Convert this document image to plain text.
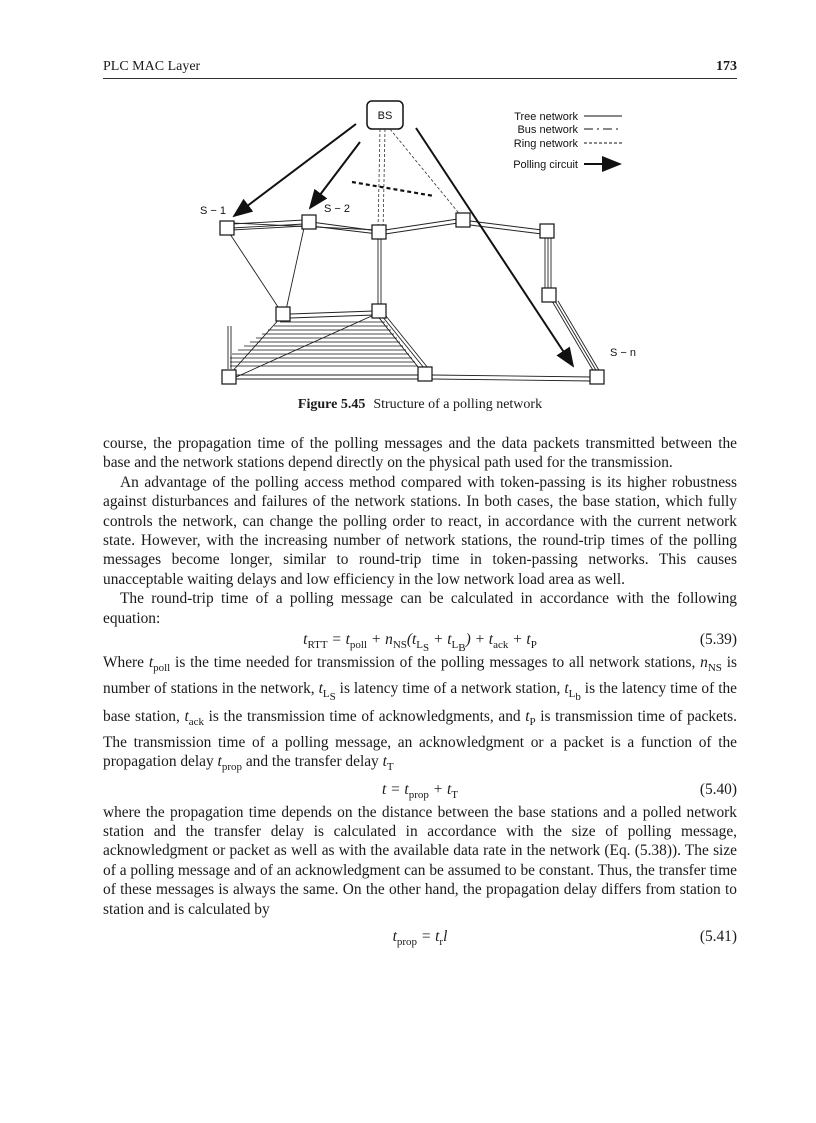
PLC MAC Layer	173
BS
S − 1	S − 2
S − n
Tree network
Bus network
Ring network
Polling circuit
Figure 5.45 Structure of a polling network

course, the propagation time of the polling messages and the data packets transmitted between the base and the network stations depend directly on the physical path used for the transmission.

An advantage of the polling access method compared with token-passing is its higher robustness against disturbances and failures of the network stations. In both cases, the base station, which fully controls the network, can change the polling order to react, in accordance with the current network state. However, with the increasing number of network stations, the round-trip times of the polling messages become longer, similar to round-trip time in token-passing networks. This causes unacceptable waiting delays and low efficiency in the low network load area as well.

The round-trip time of a polling message can be calculated in accordance with the following equation:

$t_{RTT} = t_{poll} + n_{NS}(t_{L_S} + t_{L_B}) + t_{ack} + t_P$	(5.39)

Where $t_{poll}$ is the time needed for transmission of the polling messages to all network stations, $n_{NS}$ is number of stations in the network, $t_{L_S}$ is latency time of a network station, $t_{L_b}$ is the latency time of the base station, $t_{ack}$ is the transmission time of acknowledgments, and $t_P$ is transmission time of packets. The transmission time of a polling message, an acknowledgment or a packet is a function of the propagation delay $t_{prop}$ and the transfer delay $t_T$

$t = t_{prop} + t_T$	(5.40)

where the propagation time depends on the distance between the base stations and a polled network station and the transfer delay is calculated in accordance with the size of polling message, acknowledgment or packet as well as with the available data rate in the network (Eq. (5.38)). The size of a polling message and of an acknowledgment can be assumed to be constant. Thus, the transfer time of these messages is always the same. On the other hand, the propagation delay differs from station to station and is calculated by

$t_{prop} = t_rl$	(5.41)
